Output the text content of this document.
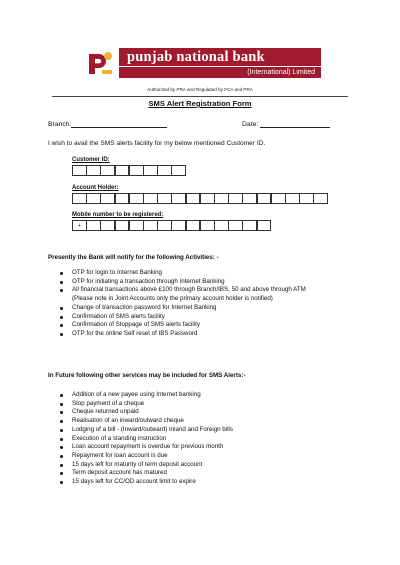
punjab national bank
(International) Limited
Authorized by PRA and Regulated by FCA and PRA
SMS Alert Registration Form
Branch:	Date:
I wish to avail the SMS alerts facility for my below mentioned Customer ID.
Customer ID:
Account Holder:
Mobile number to be registered:
+
Presently the Bank will notify for the following Activities: -
OTP for login to Internet Banking
OTP for initiating a transaction through Internet Banking
All financial transactions above £100 through Branch/IBS, 50 and above through ATM
(Please note in Joint Accounts only the primary account holder is notified)
Change of transaction password for Internet Banking
Confirmation of SMS alerts facility
Confirmation of Stoppage of SMS alerts facility
OTP for the online Self reset of IBS Password
In Future following other services may be included for SMS Alerts:-
Addition of a new payee using Internet banking
Stop payment of a cheque
Cheque returned unpaid
Realisation of an inward/outward cheque
Lodging of a bill - (Inward/outward) Inland and Foreign bills
Execution of a standing instruction
Loan account repayment is overdue for previous month
Repayment for loan account is due
15 days left for maturity of term deposit account
Term deposit account has matured
15 days left for CC/OD account limit to expire
